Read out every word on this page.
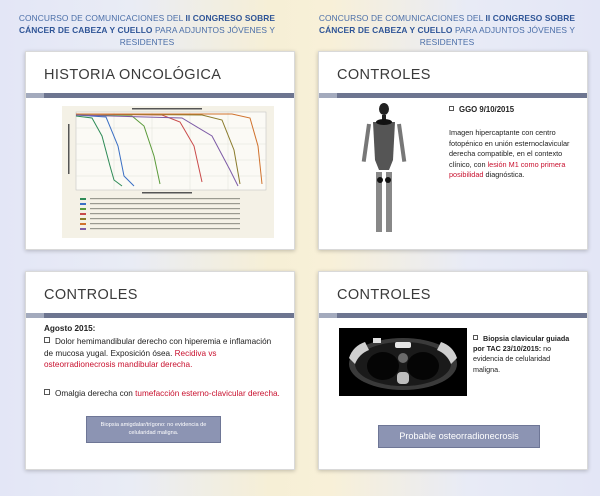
CONCURSO DE COMUNICACIONES DEL II CONGRESO SOBRE CÁNCER DE CABEZA Y CUELLO PARA ADJUNTOS JÓVENES Y RESIDENTES
CONCURSO DE COMUNICACIONES DEL II CONGRESO SOBRE CÁNCER DE CABEZA Y CUELLO PARA ADJUNTOS JÓVENES Y RESIDENTES
HISTORIA ONCOLÓGICA	CONTROLES
GGO 9/10/2015
Imagen hipercaptante con centro fotopénico en unión esternoclavicular derecha compatible, en el contexto clínico, con lesión M1 como primera posibilidad diagnóstica.
CONTROLES
Agosto 2015:
Dolor hemimandibular derecho con hiperemia e inflamación de mucosa yugal. Exposición ósea. Recidiva vs osteorradionecrosis mandibular derecha.
Omalgia derecha con tumefacción esterno-clavicular derecha.
Biopsia amigdalar/trígono: no evidencia de celularidad maligna.
CONTROLES
Biopsia clavicular guiada por TAC 23/10/2015: no evidencia de celularidad maligna.
Probable osteorradionecrosis
